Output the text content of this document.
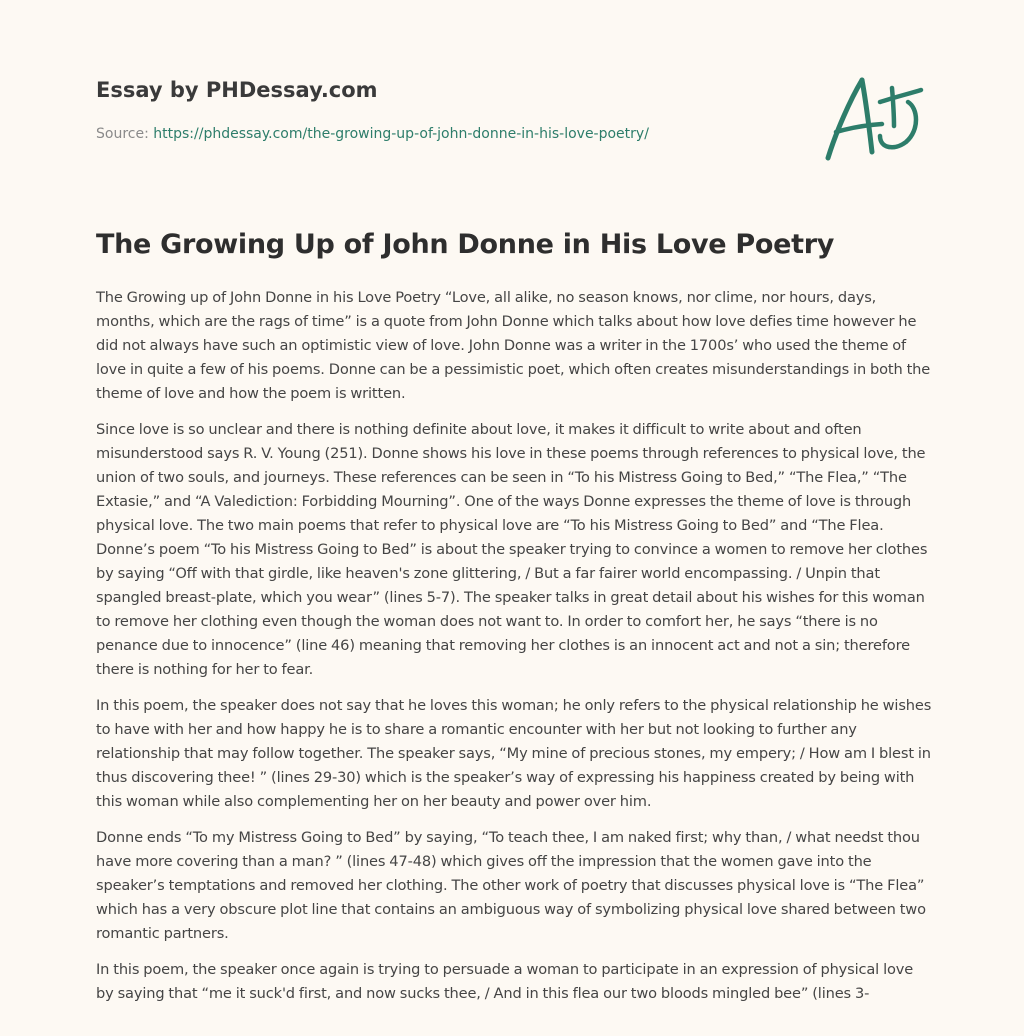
Essay by PHDessay.com
Source: https://phdessay.com/the-growing-up-of-john-donne-in-his-love-poetry/
The Growing Up of John Donne in His Love Poetry

The Growing up of John Donne in his Love Poetry “Love, all alike, no season knows, nor clime, nor hours, days, months, which are the rags of time” is a quote from John Donne which talks about how love defies time however he did not always have such an optimistic view of love. John Donne was a writer in the 1700s’ who used the theme of love in quite a few of his poems. Donne can be a pessimistic poet, which often creates misunderstandings in both the theme of love and how the poem is written.

Since love is so unclear and there is nothing definite about love, it makes it difficult to write about and often misunderstood says R. V. Young (251). Donne shows his love in these poems through references to physical love, the union of two souls, and journeys. These references can be seen in “To his Mistress Going to Bed,” “The Flea,” “The Extasie,” and “A Valediction: Forbidding Mourning”. One of the ways Donne expresses the theme of love is through physical love. The two main poems that refer to physical love are “To his Mistress Going to Bed” and “The Flea. Donne’s poem “To his Mistress Going to Bed” is about the speaker trying to convince a women to remove her clothes by saying “Off with that girdle, like heaven's zone glittering, / But a far fairer world encompassing. / Unpin that spangled breast-plate, which you wear” (lines 5-7). The speaker talks in great detail about his wishes for this woman to remove her clothing even though the woman does not want to. In order to comfort her, he says “there is no penance due to innocence” (line 46) meaning that removing her clothes is an innocent act and not a sin; therefore there is nothing for her to fear.

In this poem, the speaker does not say that he loves this woman; he only refers to the physical relationship he wishes to have with her and how happy he is to share a romantic encounter with her but not looking to further any relationship that may follow together. The speaker says, “My mine of precious stones, my empery; / How am I blest in thus discovering thee! ” (lines 29-30) which is the speaker’s way of expressing his happiness created by being with this woman while also complementing her on her beauty and power over him.

Donne ends “To my Mistress Going to Bed” by saying, “To teach thee, I am naked first; why than, / what needst thou have more covering than a man? ” (lines 47-48) which gives off the impression that the women gave into the speaker’s temptations and removed her clothing. The other work of poetry that discusses physical love is “The Flea” which has a very obscure plot line that contains an ambiguous way of symbolizing physical love shared between two romantic partners.

In this poem, the speaker once again is trying to persuade a woman to participate in an expression of physical love by saying that “me it suck'd first, and now sucks thee, / And in this flea our two bloods mingled bee” (lines 3-
